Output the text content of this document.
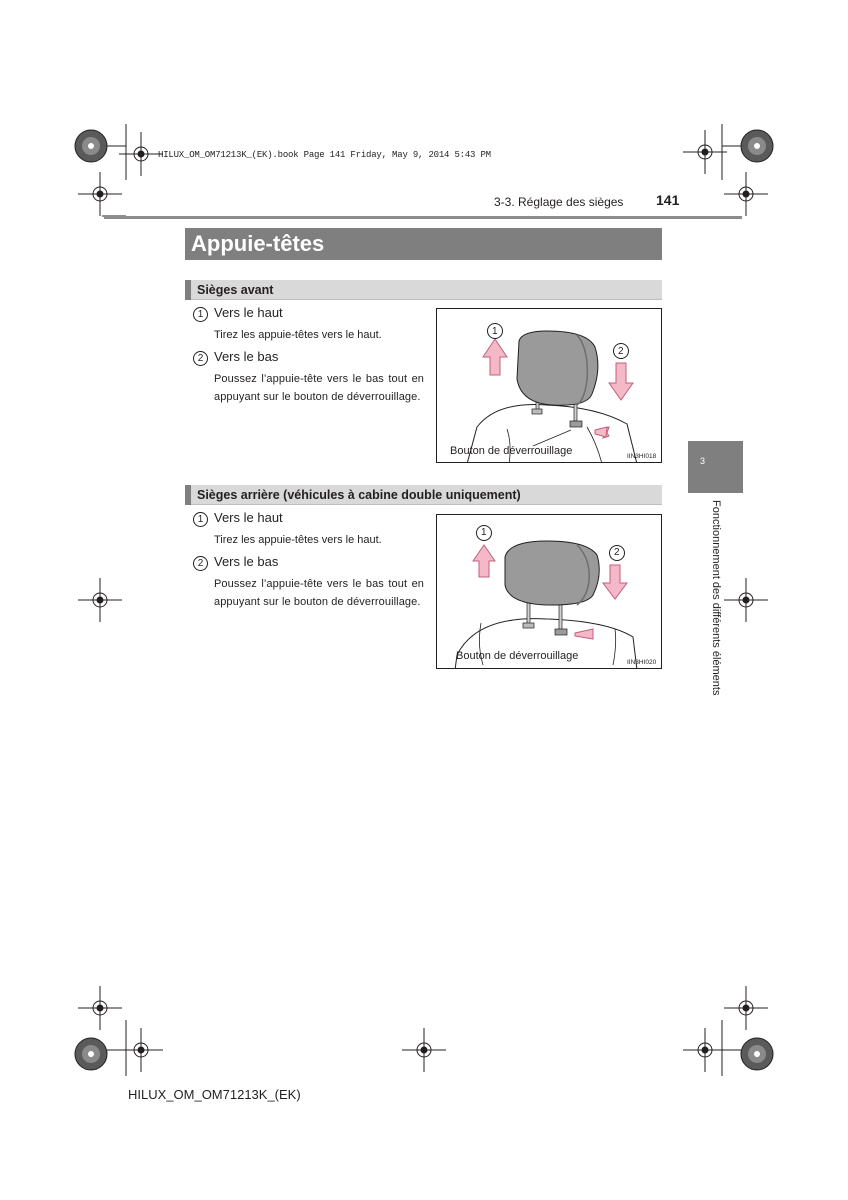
HILUX_OM_OM71213K_(EK).book Page 141 Friday, May 9, 2014 5:43 PM
3-3. Réglage des sièges 141
Appuie-têtes
Sièges avant
1 Vers le haut
Tirez les appuie-têtes vers le haut.
2 Vers le bas
Poussez l’appuie-tête vers le bas tout en appuyant sur le bouton de déverrouillage.
1
2
Bouton de déverrouillage	IIN3HI018
Sièges arrière (véhicules à cabine double uniquement)
1 Vers le haut
Tirez les appuie-têtes vers le haut.
2 Vers le bas
Poussez l’appuie-tête vers le bas tout en appuyant sur le bouton de déverrouillage.
1
2
Bouton de déverrouillage
IIN3HI020
3
Fonctionnement des différents éléments
HILUX_OM_OM71213K_(EK)
